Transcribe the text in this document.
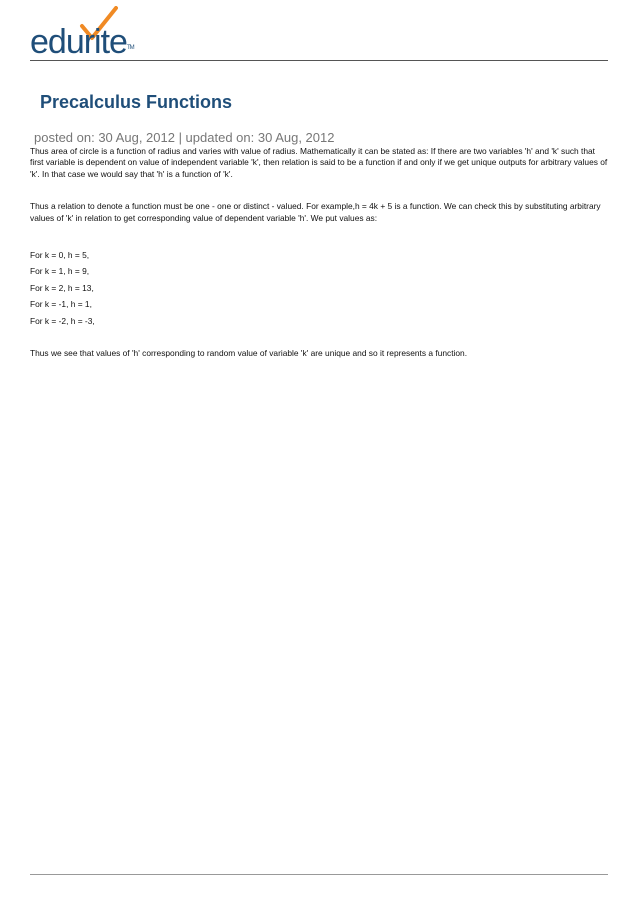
edurite™
Precalculus Functions
posted on: 30 Aug, 2012 | updated on: 30 Aug, 2012

Thus area of circle is a function of radius and varies with value of radius. Mathematically it can be stated as: If there are two variables 'h' and 'k' such that first variable is dependent on value of independent variable 'k', then relation is said to be a function if and only if we get unique outputs for arbitrary values of 'k'. In that case we would say that 'h' is a function of 'k'.

Thus a relation to denote a function must be one - one or distinct - valued. For example,h = 4k + 5 is a function. We can check this by substituting arbitrary values of 'k' in relation to get corresponding value of dependent variable 'h'. We put values as:

For k = 0, h = 5,

For k = 1, h = 9,

For k = 2, h = 13,

For k = -1, h = 1,

For k = -2, h = -3,

Thus we see that values of 'h' corresponding to random value of variable 'k' are unique and so it represents a function.
